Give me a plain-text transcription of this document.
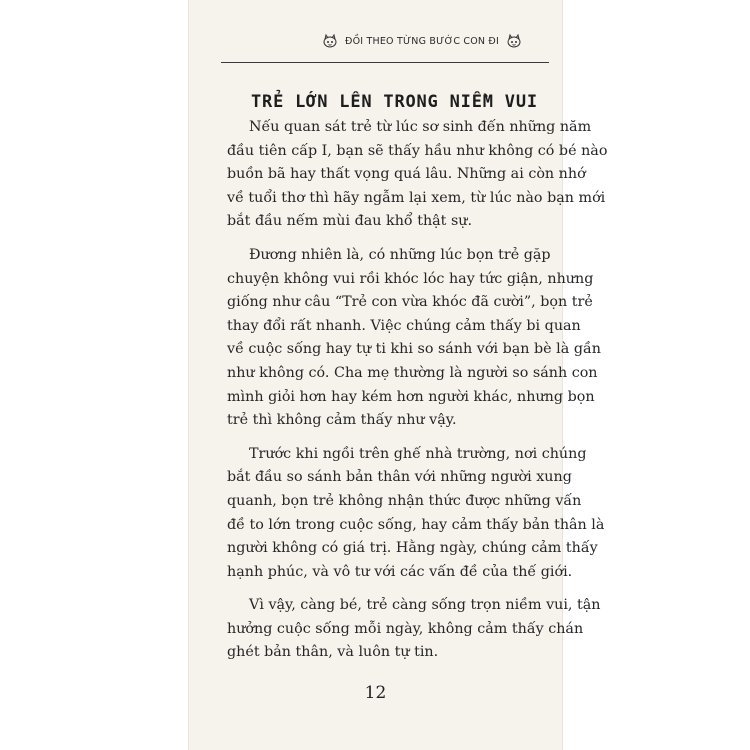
ĐỒI THEO TỪNG BƯỚC CON ĐI
TRẺ LỚN LÊN TRONG NIỀM VUI

Nếu quan sát trẻ từ lúc sơ sinh đến những năm
đầu tiên cấp I, bạn sẽ thấy hầu như không có bé nào
buồn bã hay thất vọng quá lâu. Những ai còn nhớ
về tuổi thơ thì hãy ngẫm lại xem, từ lúc nào bạn mới
bắt đầu nếm mùi đau khổ thật sự.

Đương nhiên là, có những lúc bọn trẻ gặp
chuyện không vui rồi khóc lóc hay tức giận, nhưng
giống như câu “Trẻ con vừa khóc đã cười”, bọn trẻ
thay đổi rất nhanh. Việc chúng cảm thấy bi quan
về cuộc sống hay tự ti khi so sánh với bạn bè là gần
như không có. Cha mẹ thường là người so sánh con
mình giỏi hơn hay kém hơn người khác, nhưng bọn
trẻ thì không cảm thấy như vậy.

Trước khi ngồi trên ghế nhà trường, nơi chúng
bắt đầu so sánh bản thân với những người xung
quanh, bọn trẻ không nhận thức được những vấn
đề to lớn trong cuộc sống, hay cảm thấy bản thân là
người không có giá trị. Hằng ngày, chúng cảm thấy
hạnh phúc, và vô tư với các vấn đề của thế giới.

Vì vậy, càng bé, trẻ càng sống trọn niềm vui, tận
hưởng cuộc sống mỗi ngày, không cảm thấy chán
ghét bản thân, và luôn tự tin.

12
